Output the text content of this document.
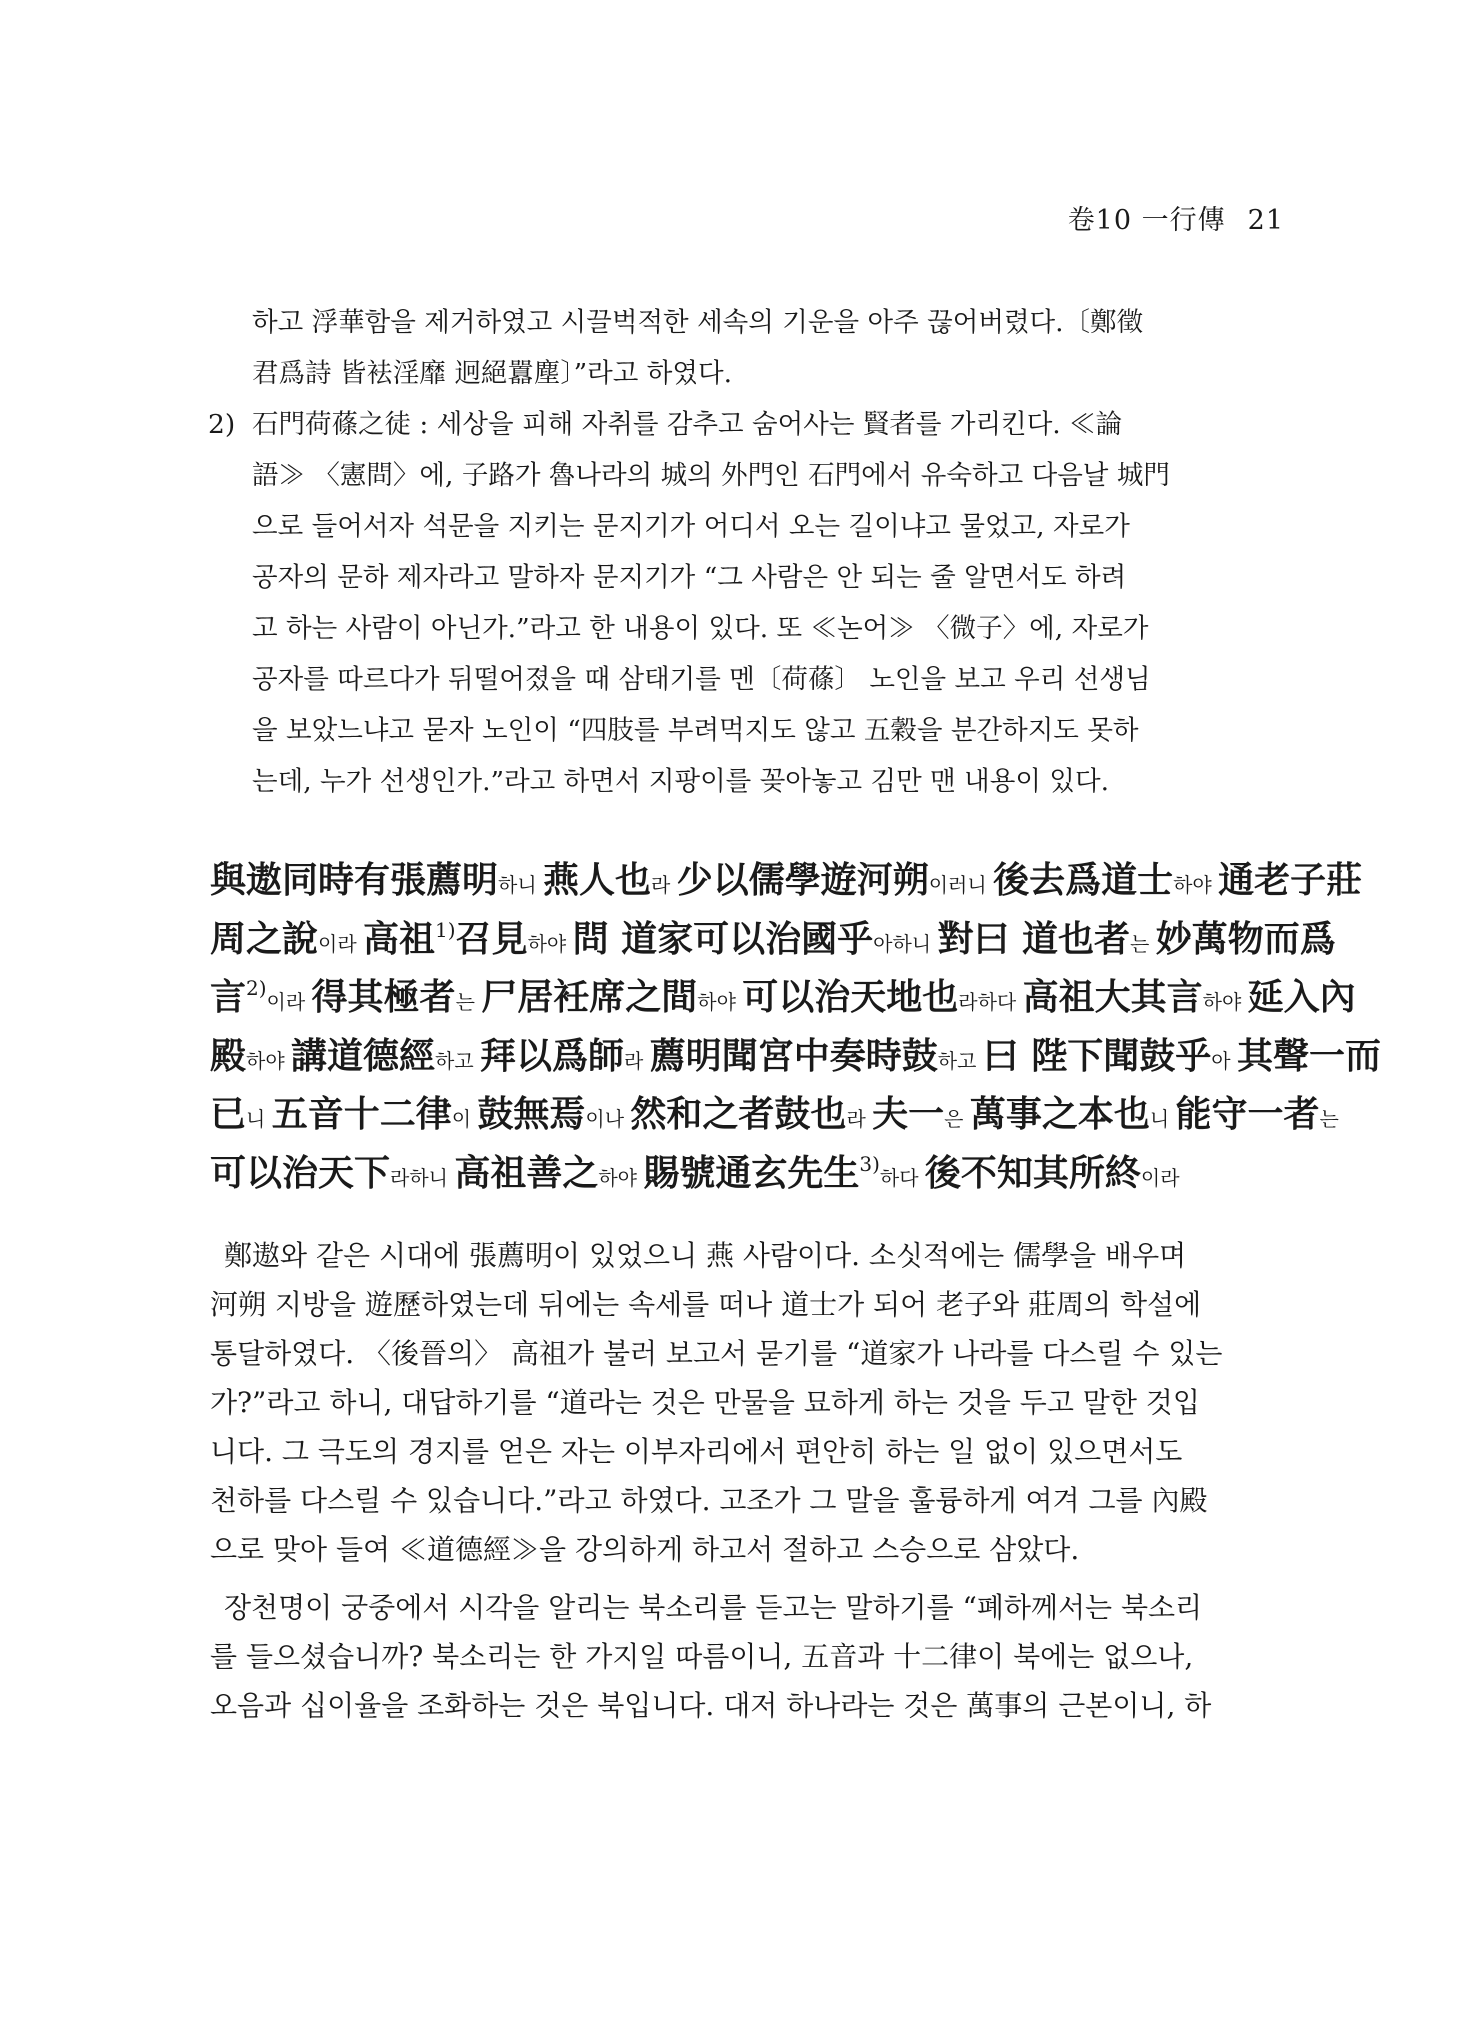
卷10 一行傳 21
하고 浮華함을 제거하였고 시끌벅적한 세속의 기운을 아주 끊어버렸다.〔鄭徵
君爲詩 皆袪淫靡 迥絕囂塵〕”라고 하였다.
2) 石門荷蓧之徒 : 세상을 피해 자취를 감추고 숨어사는 賢者를 가리킨다. ≪論
語≫ 〈憲問〉에, 子路가 魯나라의 城의 外門인 石門에서 유숙하고 다음날 城門
으로 들어서자 석문을 지키는 문지기가 어디서 오는 길이냐고 물었고, 자로가
공자의 문하 제자라고 말하자 문지기가 “그 사람은 안 되는 줄 알면서도 하려
고 하는 사람이 아닌가.”라고 한 내용이 있다. 또 ≪논어≫ 〈微子〉에, 자로가
공자를 따르다가 뒤떨어졌을 때 삼태기를 멘〔荷蓧〕 노인을 보고 우리 선생님
을 보았느냐고 묻자 노인이 “四肢를 부려먹지도 않고 五穀을 분간하지도 못하
는데, 누가 선생인가.”라고 하면서 지팡이를 꽂아놓고 김만 맨 내용이 있다.
與遨同時有張薦明하니 燕人也라 少以儒學遊河朔이러니 後去爲道士하야 通老子莊
周之說이라 高祖$^{1)}$召見하야 問 道家可以治國乎아하니 對曰 道也者는 妙萬物而爲
言$^{2)}$이라 得其極者는 尸居衽席之間하야 可以治天地也라하다 高祖大其言하야 延入內
殿하야 講道德經하고 拜以爲師라 薦明聞宮中奏時鼓하고 曰 陛下聞鼓乎아 其聲一而
已니 五音十二律이 鼓無焉이나 然和之者鼓也라 夫一은 萬事之本也니 能守一者는
可以治天下라하니 高祖善之하야 賜號通玄先生$^{3)}$하다 後不知其所終이라
鄭遨와 같은 시대에 張薦明이 있었으니 燕 사람이다. 소싯적에는 儒學을 배우며
河朔 지방을 遊歷하였는데 뒤에는 속세를 떠나 道士가 되어 老子와 莊周의 학설에
통달하였다. 〈後晉의〉 高祖가 불러 보고서 묻기를 “道家가 나라를 다스릴 수 있는
가?”라고 하니, 대답하기를 “道라는 것은 만물을 묘하게 하는 것을 두고 말한 것입
니다. 그 극도의 경지를 얻은 자는 이부자리에서 편안히 하는 일 없이 있으면서도
천하를 다스릴 수 있습니다.”라고 하였다. 고조가 그 말을 훌륭하게 여겨 그를 內殿
으로 맞아 들여 ≪道德經≫을 강의하게 하고서 절하고 스승으로 삼았다.
장천명이 궁중에서 시각을 알리는 북소리를 듣고는 말하기를 “폐하께서는 북소리
를 들으셨습니까? 북소리는 한 가지일 따름이니, 五音과 十二律이 북에는 없으나,
오음과 십이율을 조화하는 것은 북입니다. 대저 하나라는 것은 萬事의 근본이니, 하
